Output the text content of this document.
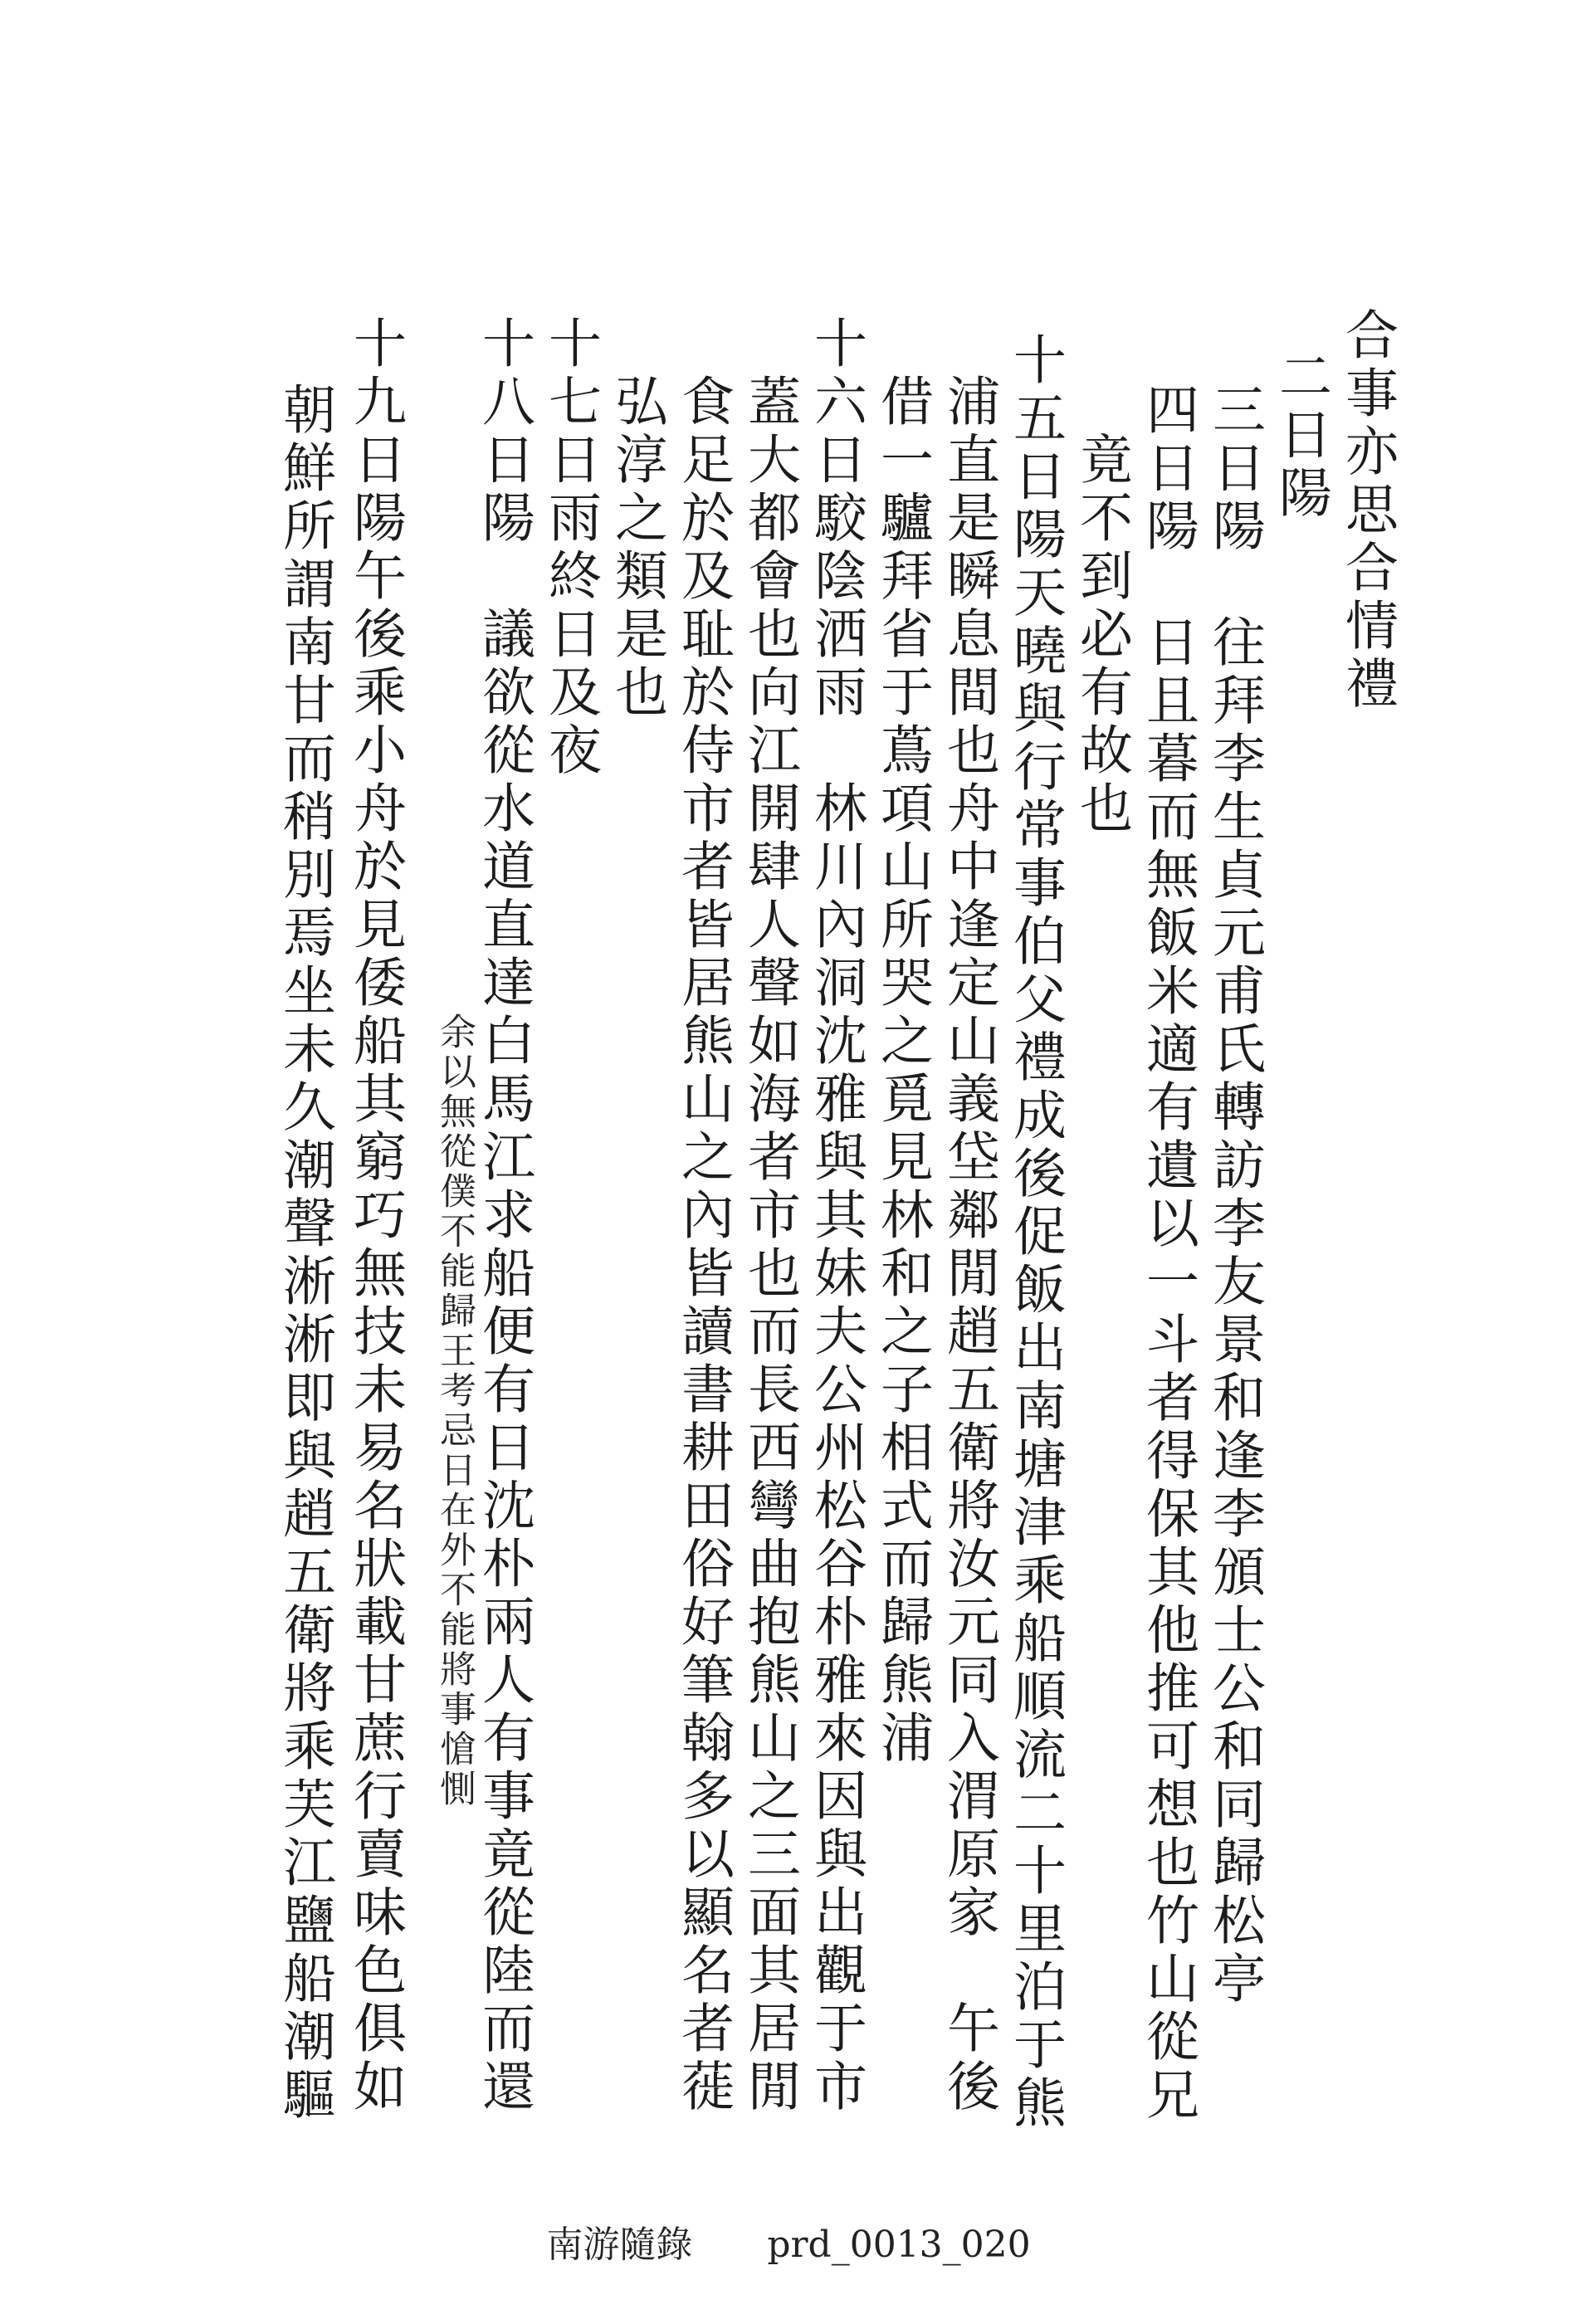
合事亦思合情禮
二日陽
三日陽　往拜李生貞元甫氏轉訪李友景和逢李頒士公和同歸松亭
四日陽　日且暮而無飯米適有遺以一斗者得保其他推可想也竹山從兄
竟不到必有故也
十五日陽天曉與行常事伯父禮成後促飯出南塘津乘船順流二十里泊于熊
浦直是瞬息間也舟中逢定山義垈鄰閒趙五衛將汝元同入渭原家　午後
借一驢拜省于蔦項山所哭之覓見林和之子相式而歸熊浦
十六日駮陰洒雨　林川內洞沈雅與其妹夫公州松谷朴雅來因與出觀于市
蓋大都會也向江開肆人聲如海者市也而長西彎曲抱熊山之三面其居閒
食足於及耻於侍市者皆居熊山之內皆讀書耕田俗好筆翰多以顯名者蓰
弘淳之類是也
十七日雨終日及夜
十八日陽　議欲從水道直達白馬江求船便有日沈朴兩人有事竟從陸而還
余以無從僕不能歸王考忌日在外不能將事愴惻
十九日陽午後乘小舟於見倭船其窮巧無技未易名狀載甘蔗行賣味色俱如
朝鮮所謂南甘而稍別焉坐未久潮聲淅淅即與趙五衛將乘芙江鹽船潮驅
南游隨錄 prd_0013_020
